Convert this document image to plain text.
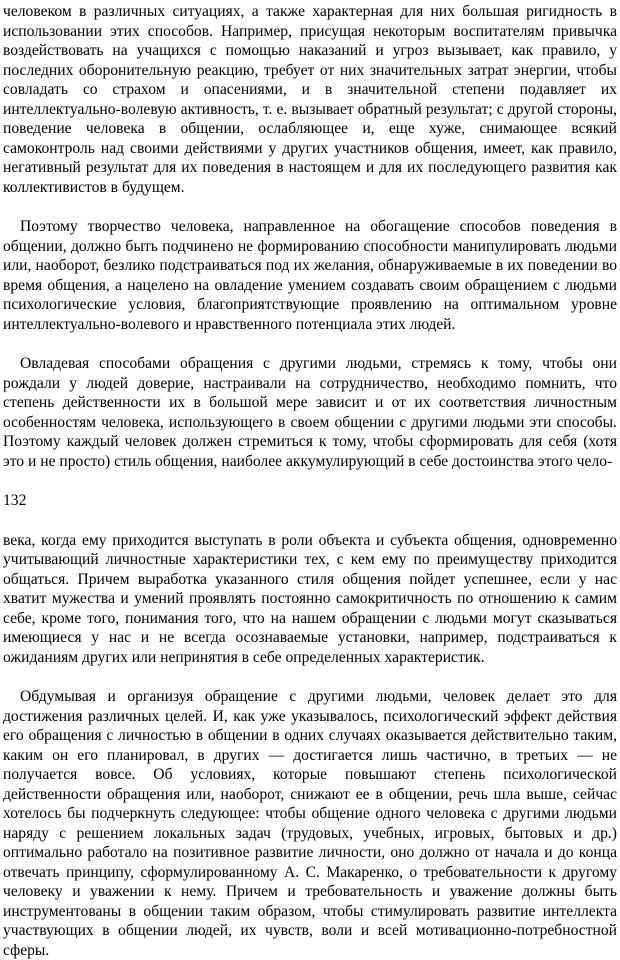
человеком в различных ситуациях, а также характерная для них большая ригидность в использовании этих способов. Например, присущая некоторым воспитателям привычка воздействовать на учащихся с помощью наказаний и угроз вызывает, как правило, у последних оборонительную реакцию, требует от них значительных затрат энергии, чтобы совладать со страхом и опасениями, и в значительной степени подавляет их интеллектуально-волевую активность, т. е. вызывает обратный результат; с другой стороны, поведение человека в общении, ослабляющее и, еще хуже, снимающее всякий самоконтроль над своими действиями у других участников общения, имеет, как правило, негативный результат для их поведения в настоящем и для их последующего развития как коллективистов в будущем.

Поэтому творчество человека, направленное на обогащение способов поведения в общении, должно быть подчинено не формированию способности манипулировать людьми или, наоборот, безлико подстраиваться под их желания, обнаруживаемые в их поведении во время общения, а нацелено на овладение умением создавать своим обращением с людьми психологические условия, благоприятствующие проявлению на оптимальном уровне интеллектуально-волевого и нравственного потенциала этих людей.

Овладевая способами обращения с другими людьми, стремясь к тому, чтобы они рождали у людей доверие, настраивали на сотрудничество, необходимо помнить, что степень действенности их в большой мере зависит и от их соответствия личностным особенностям человека, использующего в своем общении с другими людьми эти способы. Поэтому каждый человек должен стремиться к тому, чтобы сформировать для себя (хотя это и не просто) стиль общения, наиболее аккумулирующий в себе достоинства этого чело-

132

века, когда ему приходится выступать в роли объекта и субъекта общения, одновременно учитывающий личностные характеристики тех, с кем ему по преимуществу приходится общаться. Причем выработка указанного стиля общения пойдет успешнее, если у нас хватит мужества и умений проявлять постоянно самокритичность по отношению к самим себе, кроме того, понимания того, что на нашем обращении с людьми могут сказываться имеющиеся у нас и не всегда осознаваемые установки, например, подстраиваться к ожиданиям других или непринятия в себе определенных характеристик.

Обдумывая и организуя обращение с другими людьми, человек делает это для достижения различных целей. И, как уже указывалось, психологический эффект действия его обращения с личностью в общении в одних случаях оказывается действительно таким, каким он его планировал, в других — достигается лишь частично, в третьих — не получается вовсе. Об условиях, которые повышают степень психологической действенности обращения или, наоборот, снижают ее в общении, речь шла выше, сейчас хотелось бы подчеркнуть следующее: чтобы общение одного человека с другими людьми наряду с решением локальных задач (трудовых, учебных, игровых, бытовых и др.) оптимально работало на позитивное развитие личности, оно должно от начала и до конца отвечать принципу, сформулированному А. С. Макаренко, о требовательности к другому человеку и уважении к нему. Причем и требовательность и уважение должны быть инструментованы в общении таким образом, чтобы стимулировать развитие интеллекта участвующих в общении людей, их чувств, воли и всей мотивационно-потребностной сферы.
